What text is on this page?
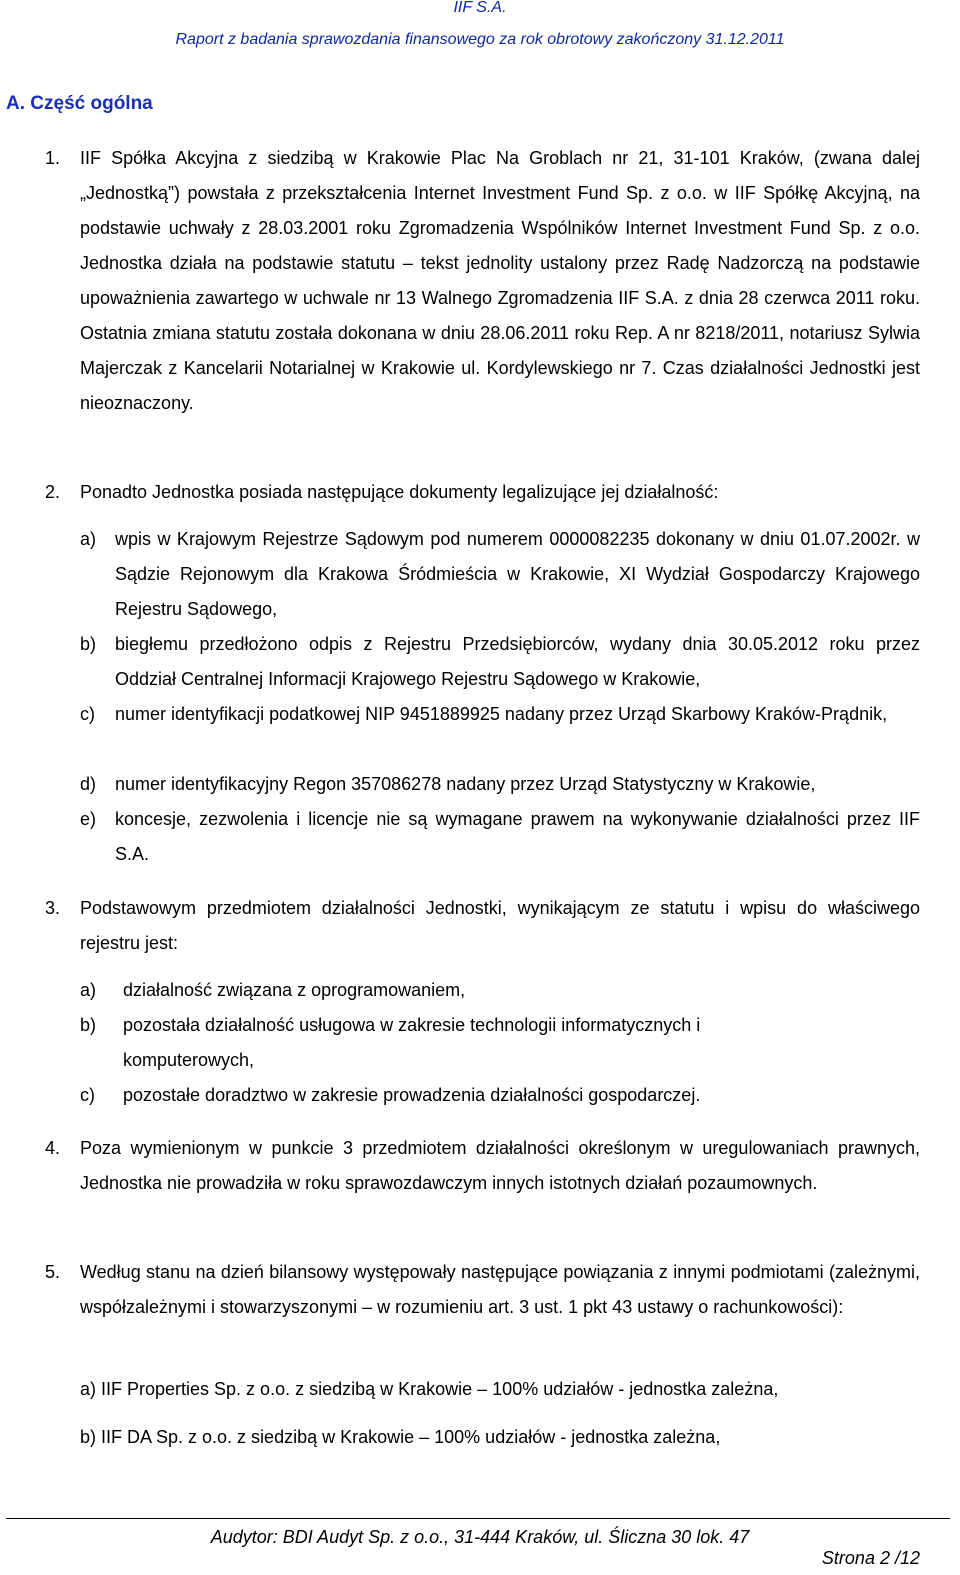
IIF S.A.
Raport z badania sprawozdania finansowego za rok obrotowy zakończony 31.12.2011
A. Część ogólna
1. IIF Spółka Akcyjna z siedzibą w Krakowie Plac Na Groblach nr 21, 31-101 Kraków, (zwana dalej „Jednostką”) powstała z przekształcenia Internet Investment Fund Sp. z o.o. w IIF Spółkę Akcyjną, na podstawie uchwały z 28.03.2001 roku Zgromadzenia Wspólników Internet Investment Fund Sp. z o.o. Jednostka działa na podstawie statutu – tekst jednolity ustalony przez Radę Nadzorczą na podstawie upoważnienia zawartego w uchwale nr 13 Walnego Zgromadzenia IIF S.A. z dnia 28 czerwca 2011 roku. Ostatnia zmiana statutu została dokonana w dniu 28.06.2011 roku Rep. A nr 8218/2011, notariusz Sylwia Majerczak z Kancelarii Notarialnej w Krakowie ul. Kordylewskiego nr 7. Czas działalności Jednostki jest nieoznaczony.
2. Ponadto Jednostka posiada następujące dokumenty legalizujące jej działalność:
a) wpis w Krajowym Rejestrze Sądowym pod numerem 0000082235 dokonany w dniu 01.07.2002r. w Sądzie Rejonowym dla Krakowa Śródmieścia w Krakowie, XI Wydział Gospodarczy Krajowego Rejestru Sądowego,
b) biegłemu przedłożono odpis z Rejestru Przedsiębiorców, wydany dnia 30.05.2012 roku przez Oddział Centralnej Informacji Krajowego Rejestru Sądowego w Krakowie,
c) numer identyfikacji podatkowej NIP 9451889925 nadany przez Urząd Skarbowy Kraków-Prądnik,
d) numer identyfikacyjny Regon 357086278 nadany przez Urząd Statystyczny w Krakowie,
e) koncesje, zezwolenia i licencje nie są wymagane prawem na wykonywanie działalności przez IIF S.A.
3. Podstawowym przedmiotem działalności Jednostki, wynikającym ze statutu i wpisu do właściwego rejestru jest:
a) działalność związana z oprogramowaniem,
b) pozostała działalność usługowa w zakresie technologii informatycznych i komputerowych,
c) pozostałe doradztwo w zakresie prowadzenia działalności gospodarczej.
4. Poza wymienionym w punkcie 3 przedmiotem działalności określonym w uregulowaniach prawnych, Jednostka nie prowadziła w roku sprawozdawczym innych istotnych działań pozaumownych.
5. Według stanu na dzień bilansowy występowały następujące powiązania z innymi podmiotami (zależnymi, współzależnymi i stowarzyszonymi – w rozumieniu art. 3 ust. 1 pkt 43 ustawy o rachunkowości):
a) IIF Properties Sp. z o.o. z siedzibą w Krakowie – 100% udziałów - jednostka zależna,
b) IIF DA Sp. z o.o. z siedzibą w Krakowie – 100% udziałów - jednostka zależna,
Audytor: BDI Audyt Sp. z o.o., 31-444 Kraków, ul. Śliczna 30 lok. 47
Strona 2 /12
